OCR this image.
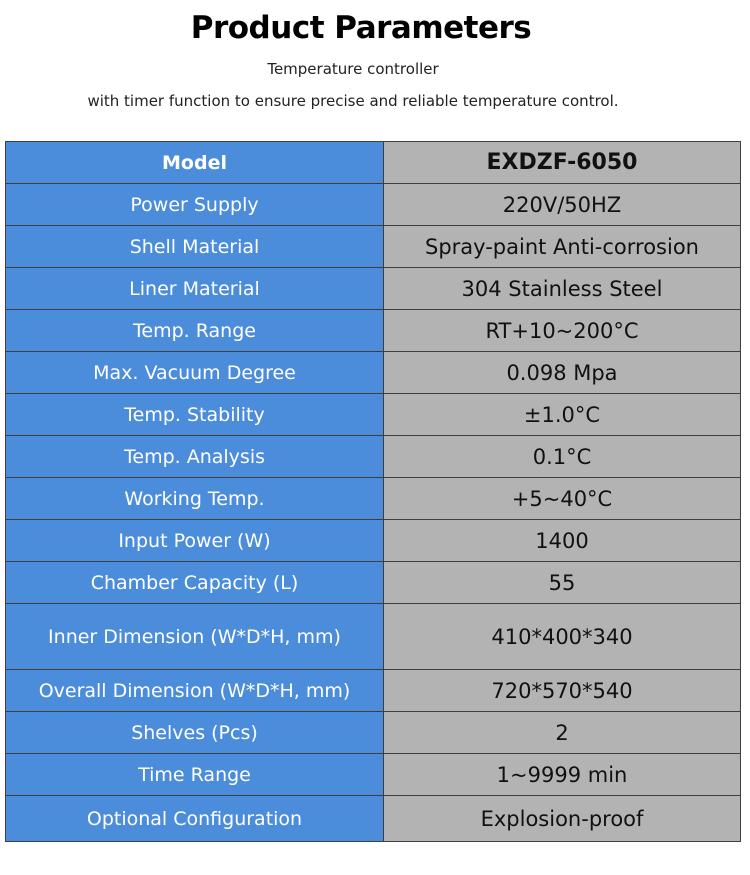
Product Parameters
Temperature controller
with timer function to ensure precise and reliable temperature control.
Model	EXDZF-6050
Power Supply	220V/50HZ
Shell Material	Spray-paint Anti-corrosion
Liner Material	304 Stainless Steel
Temp. Range	RT+10~200°C
Max. Vacuum Degree	0.098 Mpa
Temp. Stability	±1.0°C
Temp. Analysis	0.1°C
Working Temp.	+5~40°C
Input Power (W)	1400
Chamber Capacity (L)	55
Inner Dimension (W*D*H, mm)	410*400*340
Overall Dimension (W*D*H, mm)	720*570*540
Shelves (Pcs)	2
Time Range	1~9999 min
Optional Configuration	Explosion-proof
